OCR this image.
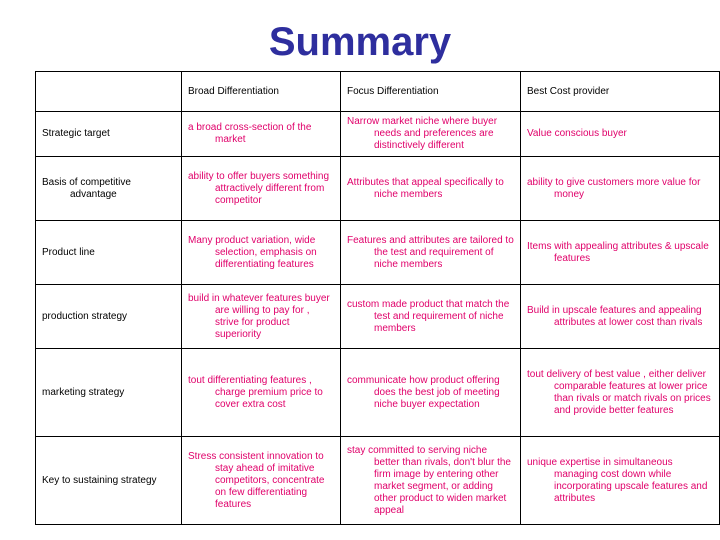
Summary
	Broad Differentiation	Focus Differentiation	Best Cost provider
Strategic target	a broad cross-section of the market	Narrow market niche where buyer needs and preferences are distinctively different	Value conscious buyer

Basis of competitive advantage	ability to offer buyers something attractively different from competitor	Attributes that appeal specifically to niche members	ability to give customers more value for money

Product line	Many product variation, wide selection, emphasis on differentiating features	Features and attributes are tailored to the test and requirement of niche members	Items with appealing attributes & upscale features

production strategy	build in whatever features buyer are willing to pay for , strive for product superiority	custom made product that match the test and requirement of niche members	Build in upscale features and appealing attributes at lower cost than rivals

marketing strategy	tout differentiating features , charge premium price to cover extra cost	communicate how product offering does the best job of meeting niche buyer expectation	tout delivery of best value , either deliver comparable features at lower price than rivals or match rivals on prices and provide better features

Key to sustaining strategy	Stress consistent innovation to stay ahead of imitative competitors, concentrate on few differentiating features	stay committed to serving niche better than rivals, don't blur the firm image by entering other market segment, or adding other product to widen market appeal	unique expertise in simultaneous managing cost down while incorporating upscale features and attributes
